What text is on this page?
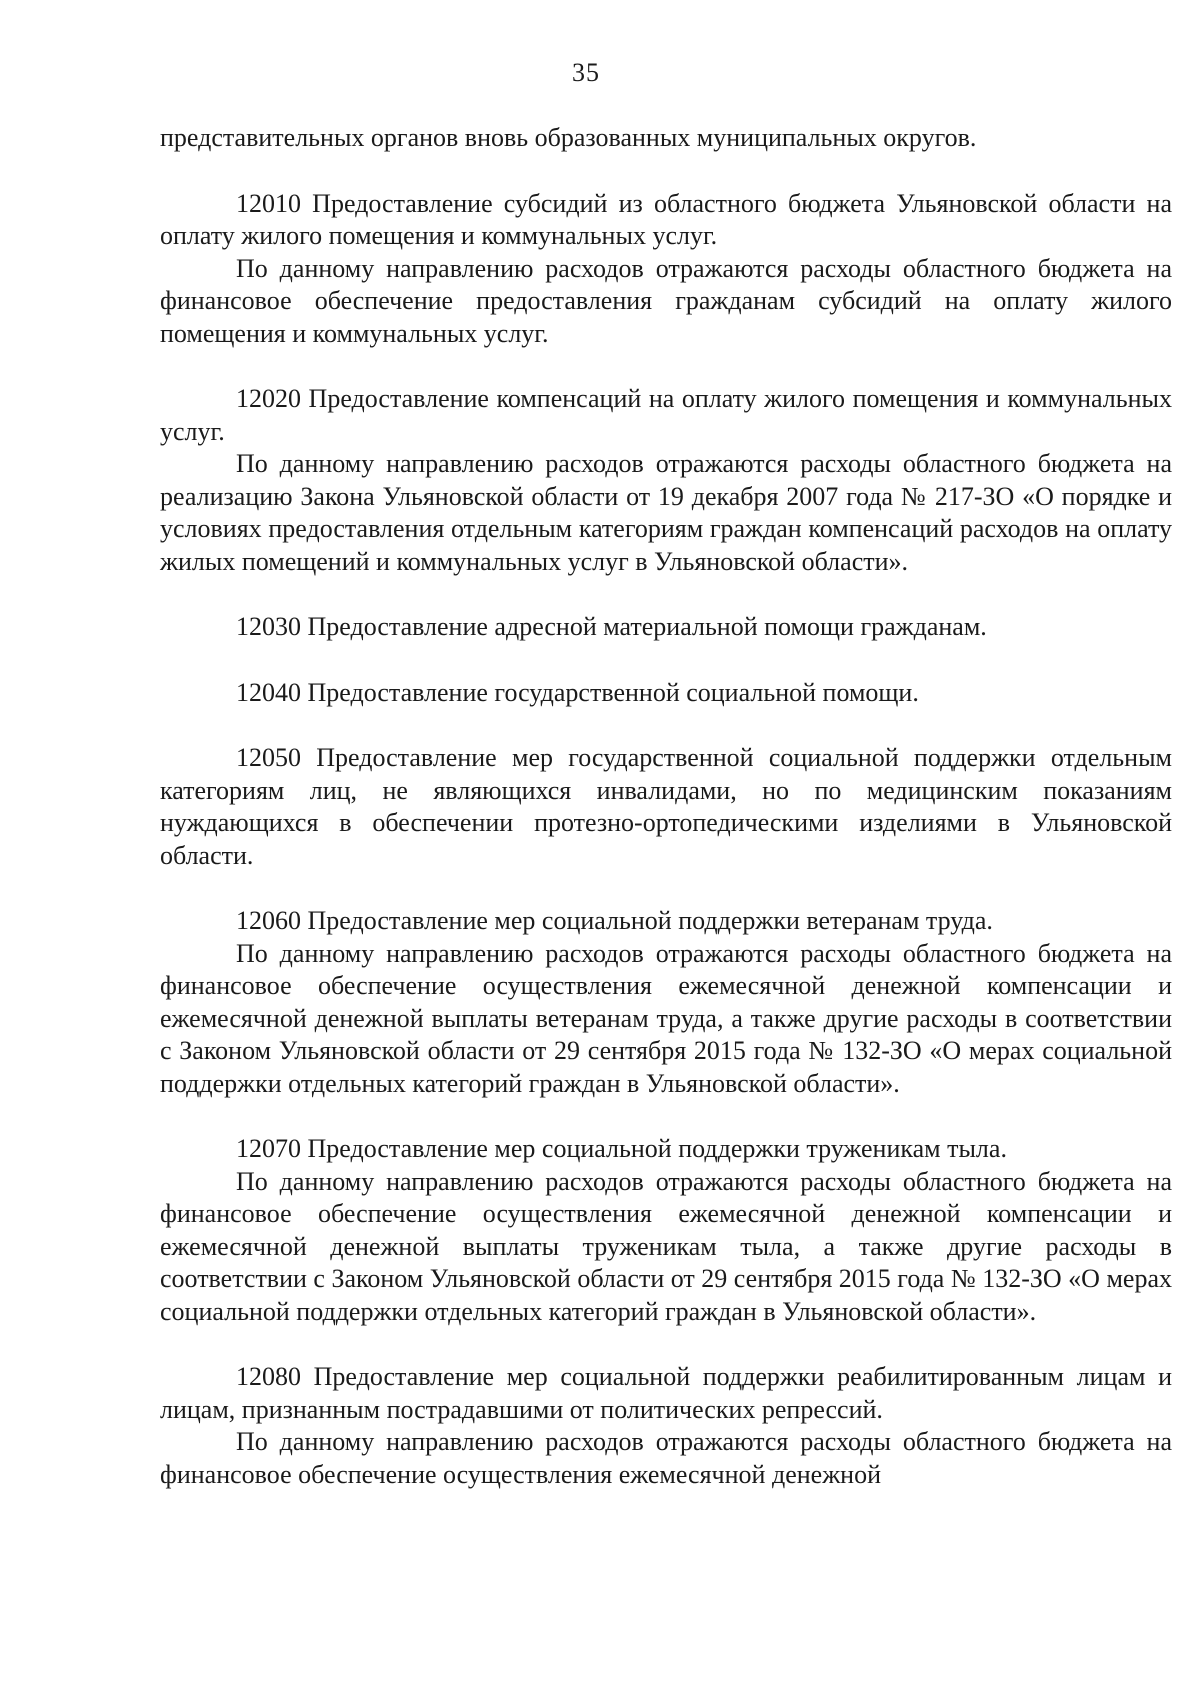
35

представительных органов вновь образованных муниципальных округов.

12010 Предоставление субсидий из областного бюджета Ульяновской области на оплату жилого помещения и коммунальных услуг.

По данному направлению расходов отражаются расходы областного бюджета на финансовое обеспечение предоставления гражданам субсидий на оплату жилого помещения и коммунальных услуг.

12020 Предоставление компенсаций на оплату жилого помещения и коммунальных услуг.

По данному направлению расходов отражаются расходы областного бюджета на реализацию Закона Ульяновской области от 19 декабря 2007 года № 217-ЗО «О порядке и условиях предоставления отдельным категориям граждан компенсаций расходов на оплату жилых помещений и коммунальных услуг в Ульяновской области».

12030 Предоставление адресной материальной помощи гражданам.

12040 Предоставление государственной социальной помощи.

12050 Предоставление мер государственной социальной поддержки отдельным категориям лиц, не являющихся инвалидами, но по медицинским показаниям нуждающихся в обеспечении протезно-ортопедическими изделиями в Ульяновской области.

12060 Предоставление мер социальной поддержки ветеранам труда.

По данному направлению расходов отражаются расходы областного бюджета на финансовое обеспечение осуществления ежемесячной денежной компенсации и ежемесячной денежной выплаты ветеранам труда, а также другие расходы в соответствии с Законом Ульяновской области от 29 сентября 2015 года № 132-ЗО «О мерах социальной поддержки отдельных категорий граждан в Ульяновской области».

12070 Предоставление мер социальной поддержки труженикам тыла.

По данному направлению расходов отражаются расходы областного бюджета на финансовое обеспечение осуществления ежемесячной денежной компенсации и ежемесячной денежной выплаты труженикам тыла, а также другие расходы в соответствии с Законом Ульяновской области от 29 сентября 2015 года № 132-ЗО «О мерах социальной поддержки отдельных категорий граждан в Ульяновской области».

12080 Предоставление мер социальной поддержки реабилитированным лицам и лицам, признанным пострадавшими от политических репрессий.

По данному направлению расходов отражаются расходы областного бюджета на финансовое обеспечение осуществления ежемесячной денежной
